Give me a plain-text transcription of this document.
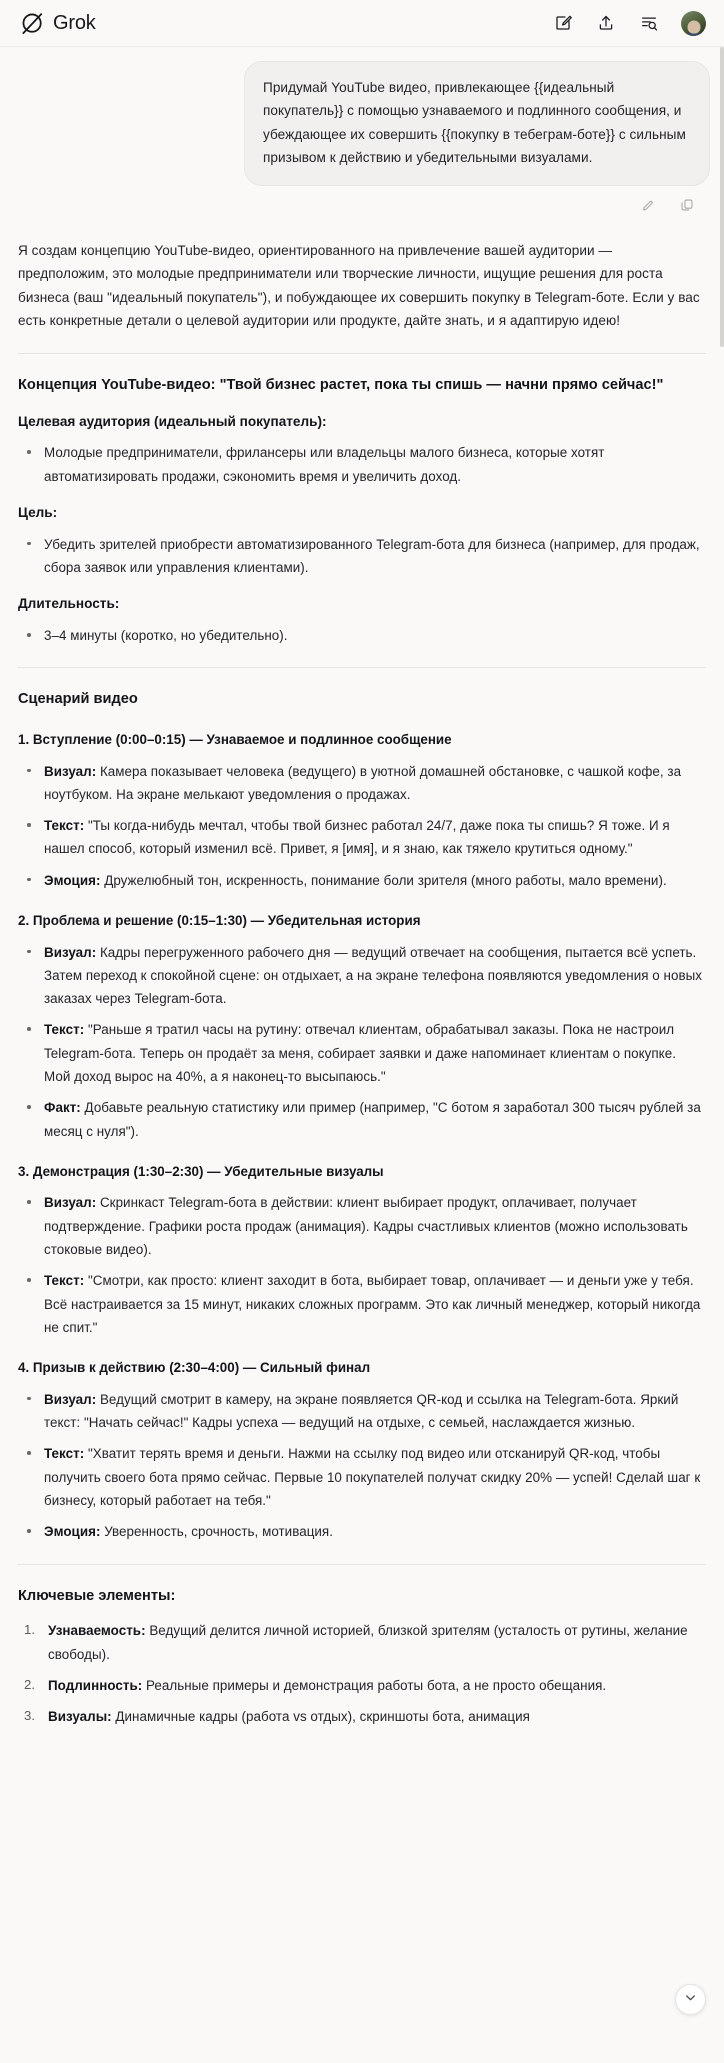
Grok
Придумай YouTube видео, привлекающее {{идеальный покупатель}} с помощью узнаваемого и подлинного сообщения, и убеждающее их совершить {{покупку в тебеграм-боте}} с сильным призывом к действию и убедительными визуалами.

Я создам концепцию YouTube-видео, ориентированного на привлечение вашей аудитории — предположим, это молодые предприниматели или творческие личности, ищущие решения для роста бизнеса (ваш "идеальный покупатель"), и побуждающее их совершить покупку в Telegram-боте. Если у вас есть конкретные детали о целевой аудитории или продукте, дайте знать, и я адаптирую идею!

Концепция YouTube-видео: "Твой бизнес растет, пока ты спишь — начни прямо сейчас!"
Целевая аудитория (идеальный покупатель):
Молодые предприниматели, фрилансеры или владельцы малого бизнеса, которые хотят автоматизировать продажи, сэкономить время и увеличить доход.
Цель:
Убедить зрителей приобрести автоматизированного Telegram-бота для бизнеса (например, для продаж, сбора заявок или управления клиентами).
Длительность:
3–4 минуты (коротко, но убедительно).
Сценарий видео
1. Вступление (0:00–0:15) — Узнаваемое и подлинное сообщение
Визуал: Камера показывает человека (ведущего) в уютной домашней обстановке, с чашкой кофе, за ноутбуком. На экране мелькают уведомления о продажах.
Текст: "Ты когда-нибудь мечтал, чтобы твой бизнес работал 24/7, даже пока ты спишь? Я тоже. И я нашел способ, который изменил всё. Привет, я [имя], и я знаю, как тяжело крутиться одному."
Эмоция: Дружелюбный тон, искренность, понимание боли зрителя (много работы, мало времени).
2. Проблема и решение (0:15–1:30) — Убедительная история
Визуал: Кадры перегруженного рабочего дня — ведущий отвечает на сообщения, пытается всё успеть. Затем переход к спокойной сцене: он отдыхает, а на экране телефона появляются уведомления о новых заказах через Telegram-бота.
Текст: "Раньше я тратил часы на рутину: отвечал клиентам, обрабатывал заказы. Пока не настроил Telegram-бота. Теперь он продаёт за меня, собирает заявки и даже напоминает клиентам о покупке. Мой доход вырос на 40%, а я наконец-то высыпаюсь."
Факт: Добавьте реальную статистику или пример (например, "С ботом я заработал 300 тысяч рублей за месяц с нуля").
3. Демонстрация (1:30–2:30) — Убедительные визуалы
Визуал: Скринкаст Telegram-бота в действии: клиент выбирает продукт, оплачивает, получает подтверждение. Графики роста продаж (анимация). Кадры счастливых клиентов (можно использовать стоковые видео).
Текст: "Смотри, как просто: клиент заходит в бота, выбирает товар, оплачивает — и деньги уже у тебя. Всё настраивается за 15 минут, никаких сложных программ. Это как личный менеджер, который никогда не спит."
4. Призыв к действию (2:30–4:00) — Сильный финал
Визуал: Ведущий смотрит в камеру, на экране появляется QR-код и ссылка на Telegram-бота. Яркий текст: "Начать сейчас!" Кадры успеха — ведущий на отдыхе, с семьей, наслаждается жизнью.
Текст: "Хватит терять время и деньги. Нажми на ссылку под видео или отсканируй QR-код, чтобы получить своего бота прямо сейчас. Первые 10 покупателей получат скидку 20% — успей! Сделай шаг к бизнесу, который работает на тебя."
Эмоция: Уверенность, срочность, мотивация.
Ключевые элементы:
Узнаваемость: Ведущий делится личной историей, близкой зрителям (усталость от рутины, желание свободы).
Подлинность: Реальные примеры и демонстрация работы бота, а не просто обещания.
Визуалы: Динамичные кадры (работа vs отдых), скриншоты бота, анимация
